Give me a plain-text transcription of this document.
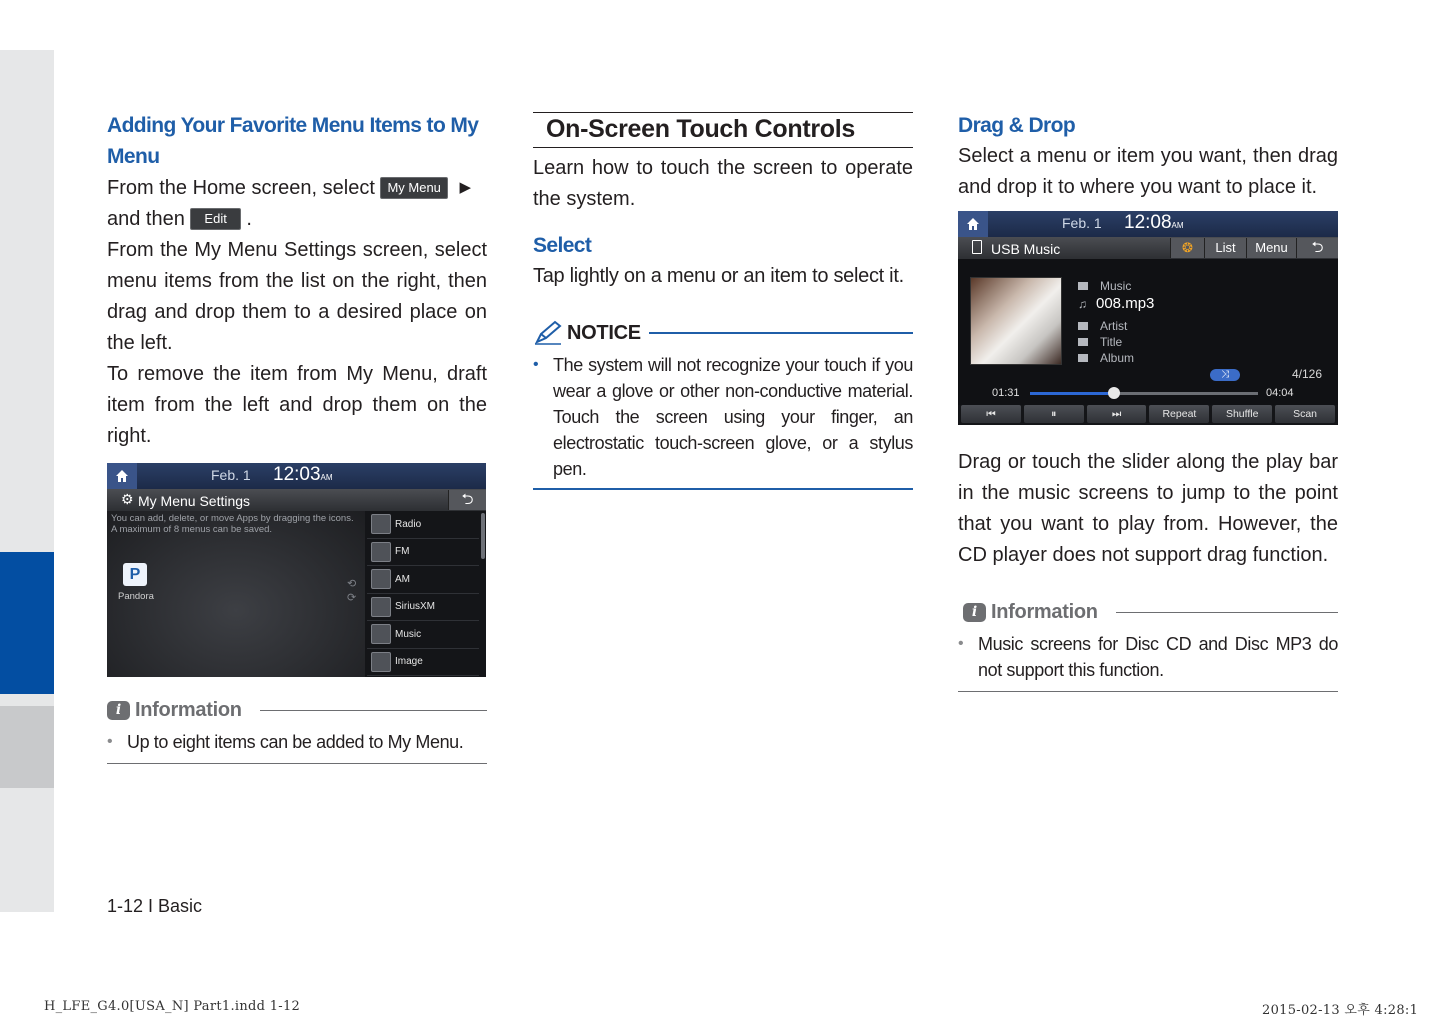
Adding Your Favorite Menu Items to My Menu
From the Home screen, select My Menu ▶
and then Edit .
From the My Menu Settings screen, select menu items from the list on the right, then drag and drop them to a desired place on the left.
To remove the item from My Menu, draft item from the left and drop them on the right.
Feb. 1 12:03AM
⚙ My Menu Settings	⮌
You can add, delete, or move Apps by dragging the icons.
A maximum of 8 menus can be saved.
P
Pandora
⟲
⟳
Radio
FM
AM
SiriusXM
Music
Image
i Information
• Up to eight items can be added to My Menu.
On-Screen Touch Controls
Learn how to touch the screen to operate the system.
Select
Tap lightly on a menu or an item to select it.
NOTICE
• The system will not recognize your touch if you wear a glove or other non-conductive material. Touch the screen using your finger, an electrostatic touch-screen glove, or a stylus pen.
Drag & Drop
Select a menu or item you want, then drag and drop it to where you want to place it.
Feb. 1 12:08AM
USB Music	❂	List	Menu	⮌
Music
♫ 008.mp3
Artist
Title
Album
⤨	4/126
01:31	04:04
⏮	⏸	⏭	Repeat	Shuffle	Scan
Drag or touch the slider along the play bar in the music screens to jump to the point that you want to play from. However, the CD player does not support drag function.
i Information
• Music screens for Disc CD and Disc MP3 do not support this function.
1-12 I Basic
H_LFE_G4.0[USA_N] Part1.indd 1-12	2015-02-13 오후 4:28:1
